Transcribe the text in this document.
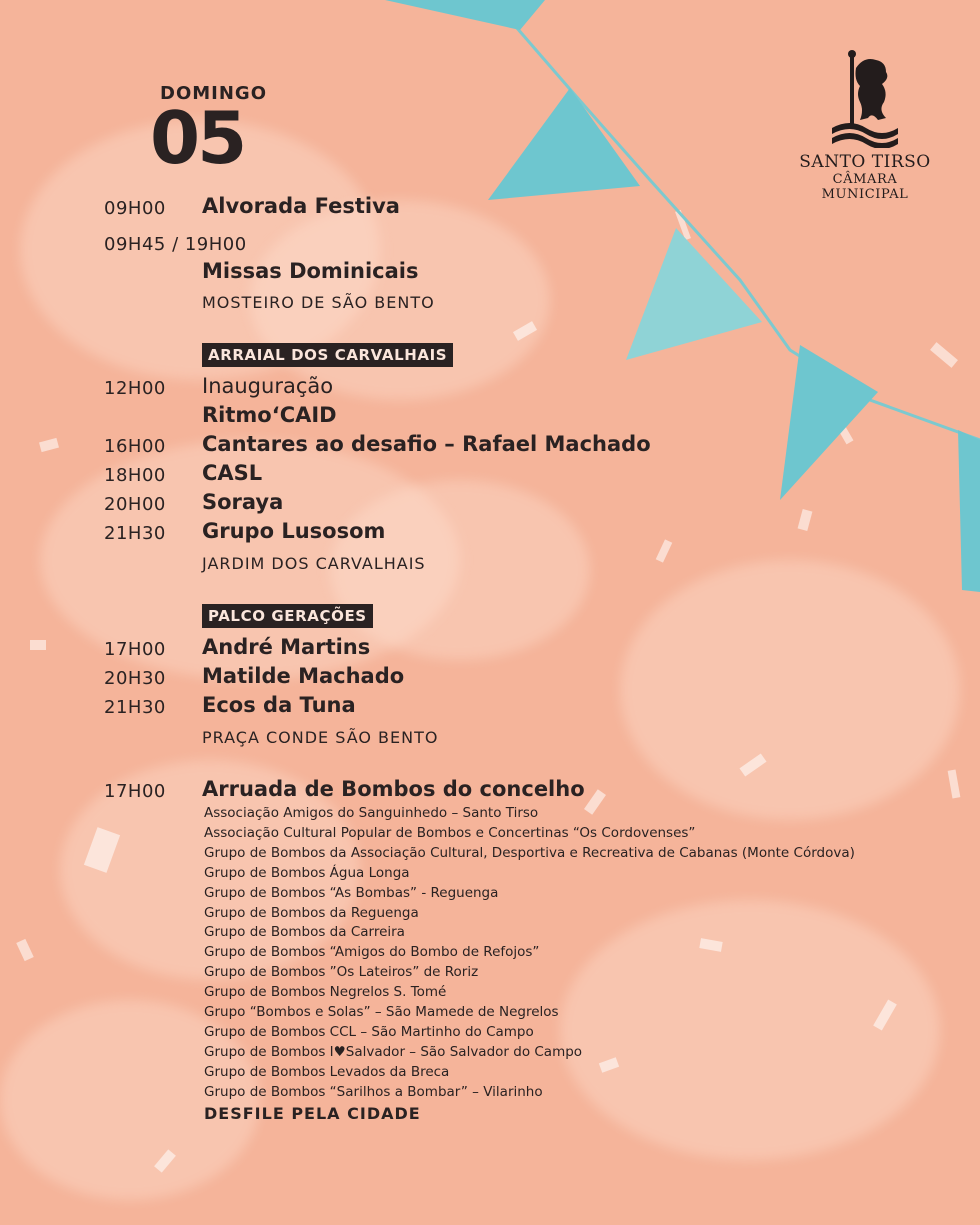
SANTO TIRSO
CÂMARA MUNICIPAL
DOMINGO
05
09H00 Alvorada Festiva
09H45 / 19H00
Missas Dominicais
MOSTEIRO DE SÃO BENTO
ARRAIAL DOS CARVALHAIS
12H00 Inauguração
Ritmo‘CAID
16H00 Cantares ao desafio – Rafael Machado
18H00 CASL
20H00 Soraya
21H30 Grupo Lusosom
JARDIM DOS CARVALHAIS
PALCO GERAÇÕES
17H00 André Martins
20H30 Matilde Machado
21H30 Ecos da Tuna
PRAÇA CONDE SÃO BENTO
17H00 Arruada de Bombos do concelho
Associação Amigos do Sanguinhedo – Santo Tirso
Associação Cultural Popular de Bombos e Concertinas “Os Cordovenses”
Grupo de Bombos da Associação Cultural, Desportiva e Recreativa de Cabanas (Monte Córdova)
Grupo de Bombos Água Longa
Grupo de Bombos “As Bombas” - Reguenga
Grupo de Bombos da Reguenga
Grupo de Bombos da Carreira
Grupo de Bombos “Amigos do Bombo de Refojos”
Grupo de Bombos ”Os Lateiros” de Roriz
Grupo de Bombos Negrelos S. Tomé
Grupo “Bombos e Solas” – São Mamede de Negrelos
Grupo de Bombos CCL – São Martinho do Campo
Grupo de Bombos I♥Salvador – São Salvador do Campo
Grupo de Bombos Levados da Breca
Grupo de Bombos “Sarilhos a Bombar” – Vilarinho
DESFILE PELA CIDADE
